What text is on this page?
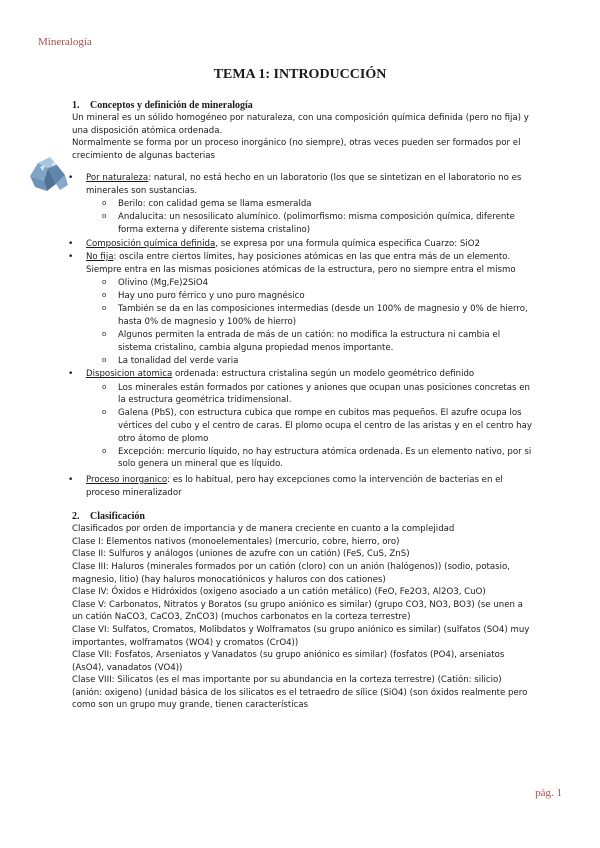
Mineralogía
TEMA 1: INTRODUCCIÓN
1. Conceptos y definición de mineralogía

Un mineral es un sólido homogéneo por naturaleza, con una composición química definida (pero no fija) y una disposición atómica ordenada.

Normalmente se forma por un proceso inorgánico (no siempre), otras veces pueden ser formados por el crecimiento de algunas bacterias

• Por naturaleza: natural, no está hecho en un laboratorio (los que se sintetizan en el laboratorio no es minerales son sustancias.
o Berilo: con calidad gema se llama esmeralda
o Andalucita: un nesosilicato alumínico. (polimorfismo: misma composición química, diferente forma externa y diferente sistema cristalino)
• Composición química definida, se expresa por una formula química especifica Cuarzo: SiO2
• No fija: oscila entre ciertos límites, hay posiciones atómicas en las que entra más de un elemento. Siempre entra en las mismas posiciones atómicas de la estructura, pero no siempre entra el mismo
o Olivino (Mg,Fe)2SiO4
o Hay uno puro férrico y uno puro magnésico
o También se da en las composiciones intermedias (desde un 100% de magnesio y 0% de hierro, hasta 0% de magnesio y 100% de hierro)
o Algunos permiten la entrada de más de un catión: no modifica la estructura ni cambia el sistema cristalino, cambia alguna propiedad menos importante.
o La tonalidad del verde varia
• Disposicion atomica ordenada: estructura cristalina según un modelo geométrico definido
o Los minerales están formados por cationes y aniones que ocupan unas posiciones concretas en la estructura geométrica tridimensional.
o Galena (PbS), con estructura cubica que rompe en cubitos mas pequeños. El azufre ocupa los vértices del cubo y el centro de caras. El plomo ocupa el centro de las aristas y en el centro hay otro átomo de plomo
o Excepción: mercurio líquido, no hay estructura atómica ordenada. Es un elemento nativo, por si solo genera un mineral que es líquido.
• Proceso inorganico: es lo habitual, pero hay excepciones como la intervención de bacterias en el proceso mineralizador
2. Clasificación

Clasificados por orden de importancia y de manera creciente en cuanto a la complejidad

Clase I: Elementos nativos (monoelementales) (mercurio, cobre, hierro, oro)

Clase II: Sulfuros y análogos (uniones de azufre con un catión) (FeS, CuS, ZnS)

Clase III: Haluros (minerales formados por un catión (cloro) con un anión (halógenos)) (sodio, potasio, magnesio, litio) (hay haluros monocatiónicos y haluros con dos cationes)

Clase IV: Óxidos e Hidróxidos (oxigeno asociado a un catión metálico) (FeO, Fe2O3, Al2O3, CuO)

Clase V: Carbonatos, Nitratos y Boratos (su grupo aniónico es similar) (grupo CO3, NO3, BO3) (se unen a un catión NaCO3, CaCO3, ZnCO3) (muchos carbonatos en la corteza terrestre)

Clase VI: Sulfatos, Cromatos, Molibdatos y Wolframatos (su grupo aniónico es similar) (sulfatos (SO4) muy importantes, wolframatos (WO4) y cromatos (CrO4))

Clase VII: Fosfatos, Arseniatos y Vanadatos (su grupo aniónico es similar) (fosfatos (PO4), arseniatos (AsO4), vanadatos (VO4))

Clase VIII: Silicatos (es el mas importante por su abundancia en la corteza terrestre) (Catión: silicio) (anión: oxigeno) (unidad básica de los silicatos es el tetraedro de sílice (SiO4) (son óxidos realmente pero como son un grupo muy grande, tienen características

pág. 1
